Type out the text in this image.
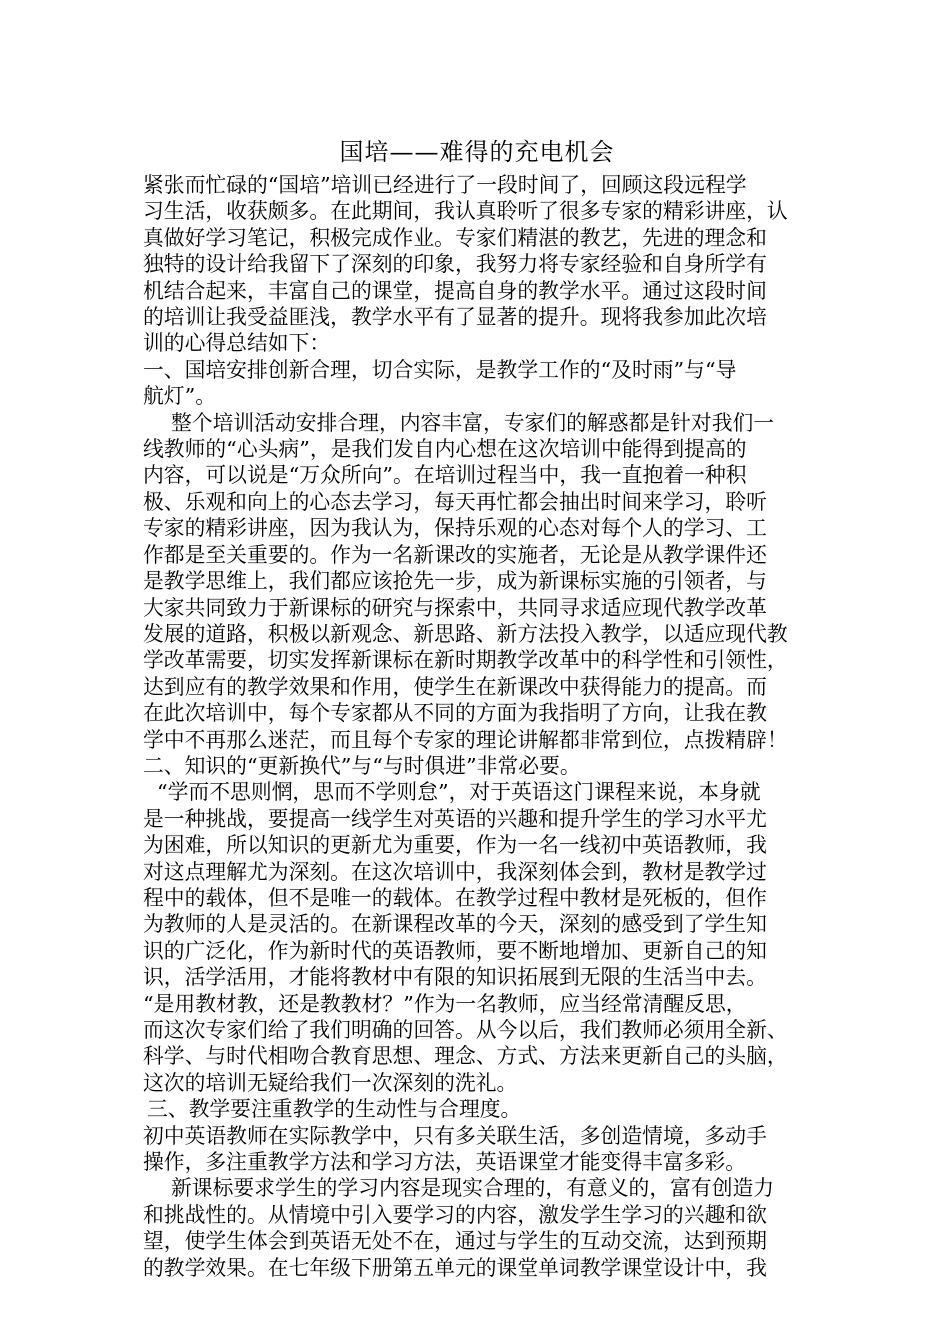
国培——难得的充电机会
紧张而忙碌的“国培”培训已经进行了一段时间了，回顾这段远程学
习生活，收获颇多。在此期间，我认真聆听了很多专家的精彩讲座，认
真做好学习笔记，积极完成作业。专家们精湛的教艺，先进的理念和
独特的设计给我留下了深刻的印象，我努力将专家经验和自身所学有
机结合起来，丰富自己的课堂，提高自身的教学水平。通过这段时间
的培训让我受益匪浅，教学水平有了显著的提升。现将我参加此次培
训的心得总结如下：
一、国培安排创新合理，切合实际，是教学工作的“及时雨”与“导
航灯”。
整个培训活动安排合理，内容丰富，专家们的解惑都是针对我们一
线教师的“心头病”，是我们发自内心想在这次培训中能得到提高的
内容，可以说是“万众所向”。在培训过程当中，我一直抱着一种积
极、乐观和向上的心态去学习，每天再忙都会抽出时间来学习，聆听
专家的精彩讲座，因为我认为，保持乐观的心态对每个人的学习、工
作都是至关重要的。作为一名新课改的实施者，无论是从教学课件还
是教学思维上，我们都应该抢先一步，成为新课标实施的引领者，与
大家共同致力于新课标的研究与探索中，共同寻求适应现代教学改革
发展的道路，积极以新观念、新思路、新方法投入教学，以适应现代教
学改革需要，切实发挥新课标在新时期教学改革中的科学性和引领性，
达到应有的教学效果和作用，使学生在新课改中获得能力的提高。而
在此次培训中，每个专家都从不同的方面为我指明了方向，让我在教
学中不再那么迷茫，而且每个专家的理论讲解都非常到位，点拨精辟！
二、知识的“更新换代”与“与时俱进”非常必要。
“学而不思则惘，思而不学则怠”，对于英语这门课程来说，本身就
是一种挑战，要提高一线学生对英语的兴趣和提升学生的学习水平尤
为困难，所以知识的更新尤为重要，作为一名一线初中英语教师，我
对这点理解尤为深刻。在这次培训中，我深刻体会到，教材是教学过
程中的载体，但不是唯一的载体。在教学过程中教材是死板的，但作
为教师的人是灵活的。在新课程改革的今天，深刻的感受到了学生知
识的广泛化，作为新时代的英语教师，要不断地增加、更新自己的知
识，活学活用，才能将教材中有限的知识拓展到无限的生活当中去。
“是用教材教，还是教教材？”作为一名教师，应当经常清醒反思，
而这次专家们给了我们明确的回答。从今以后，我们教师必须用全新、
科学、与时代相吻合教育思想、理念、方式、方法来更新自己的头脑，
这次的培训无疑给我们一次深刻的洗礼。
三、教学要注重教学的生动性与合理度。
初中英语教师在实际教学中，只有多关联生活，多创造情境，多动手
操作，多注重教学方法和学习方法，英语课堂才能变得丰富多彩。
新课标要求学生的学习内容是现实合理的，有意义的，富有创造力
和挑战性的。从情境中引入要学习的内容，激发学生学习的兴趣和欲
望，使学生体会到英语无处不在，通过与学生的互动交流，达到预期
的教学效果。在七年级下册第五单元的课堂单词教学课堂设计中，我
